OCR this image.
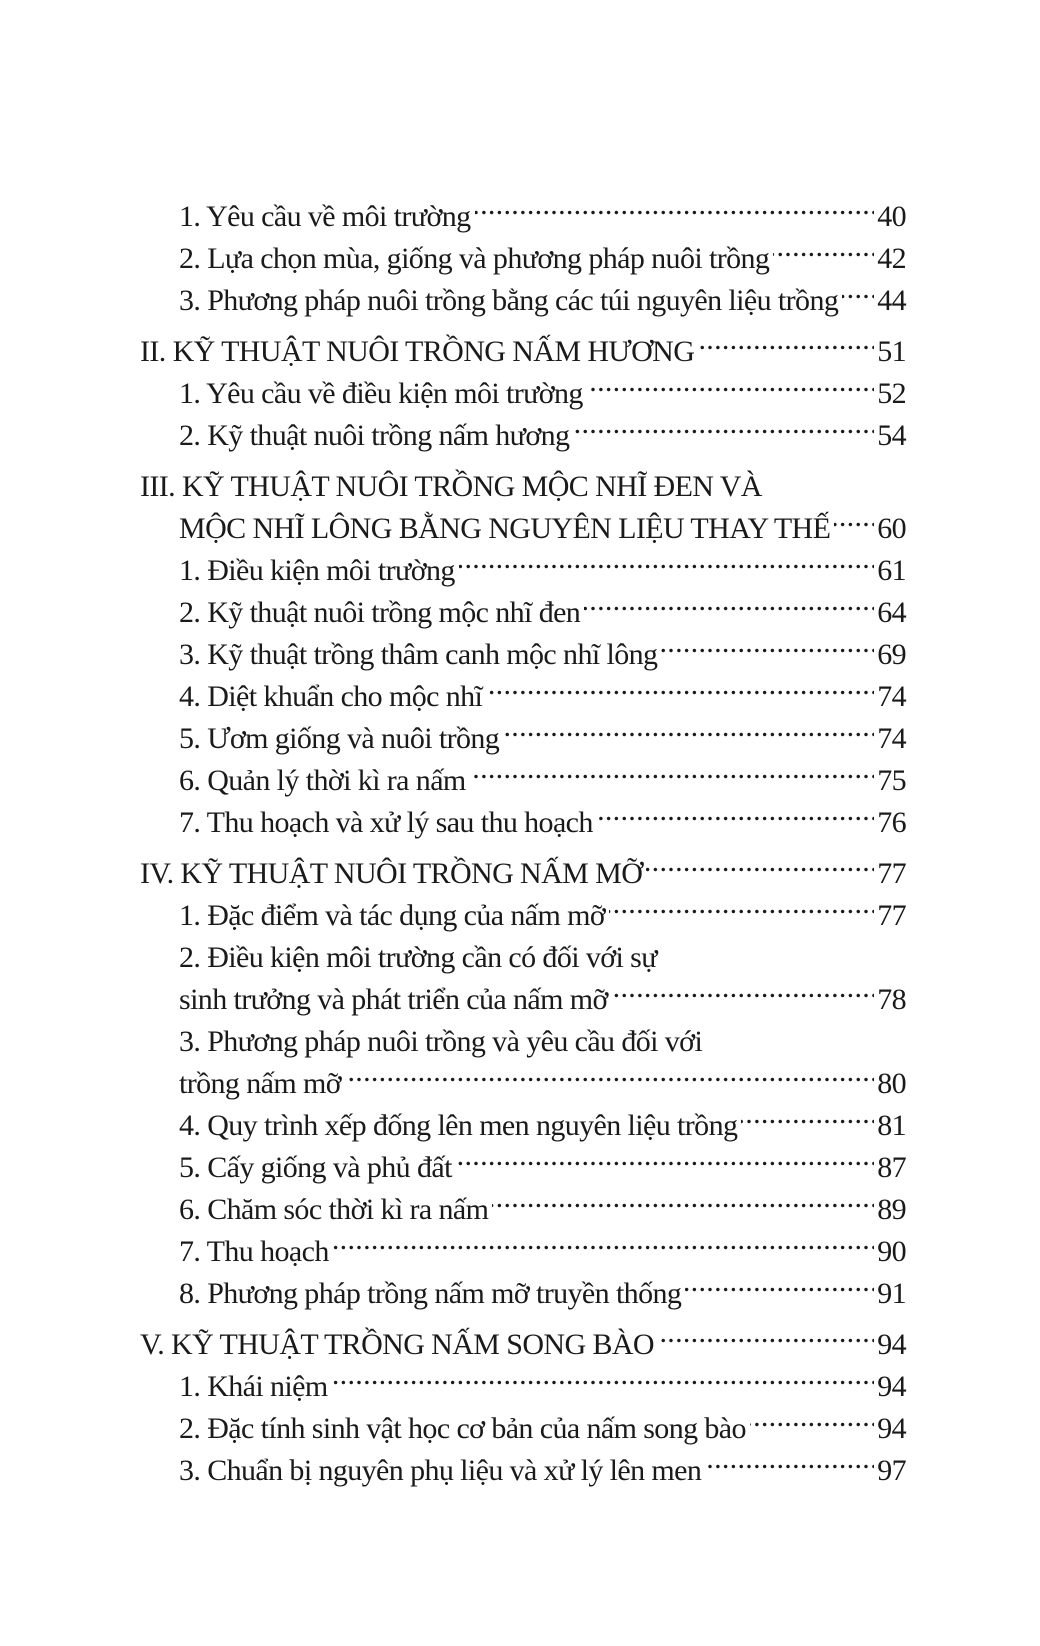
1. Yêu cầu về môi trường . . .	40
2. Lựa chọn mùa, giống và phương pháp nuôi trồng . . .	42
3. Phương pháp nuôi trồng bằng các túi nguyên liệu trồng . . . 44
II. KỸ THUẬT NUÔI TRỒNG NẤM HƯƠNG . . .	51
1. Yêu cầu về điều kiện môi trường . . .	52
2. Kỹ thuật nuôi trồng nấm hương . . .	54
III. KỸ THUẬT NUÔI TRỒNG MỘC NHĨ ĐEN VÀ
MỘC NHĨ LÔNG BẰNG NGUYÊN LIỆU THAY THẾ . . . 60
1. Điều kiện môi trường . . .	61
2. Kỹ thuật nuôi trồng mộc nhĩ đen . . .	64
3. Kỹ thuật trồng thâm canh mộc nhĩ lông . . .	69
4. Diệt khuẩn cho mộc nhĩ . . .	74
5. Ươm giống và nuôi trồng . . .	74
6. Quản lý thời kì ra nấm . . .	75
7. Thu hoạch và xử lý sau thu hoạch . . .	76
IV. KỸ THUẬT NUÔI TRỒNG NẤM MỠ . . .	77
1. Đặc điểm và tác dụng của nấm mỡ . . .	77
2. Điều kiện môi trường cần có đối với sự
sinh trưởng và phát triển của nấm mỡ . . .	78
3. Phương pháp nuôi trồng và yêu cầu đối với
trồng nấm mỡ . . .	80
4. Quy trình xếp đống lên men nguyên liệu trồng . . .	81
5. Cấy giống và phủ đất . . .	87
6. Chăm sóc thời kì ra nấm . . .	89
7. Thu hoạch . . .	90
8. Phương pháp trồng nấm mỡ truyền thống . . .	91
V. KỸ THUẬT TRỒNG NẤM SONG BÀO . . .	94
1. Khái niệm . . .	94
2. Đặc tính sinh vật học cơ bản của nấm song bào . . .	94
3. Chuẩn bị nguyên phụ liệu và xử lý lên men . . .	97
